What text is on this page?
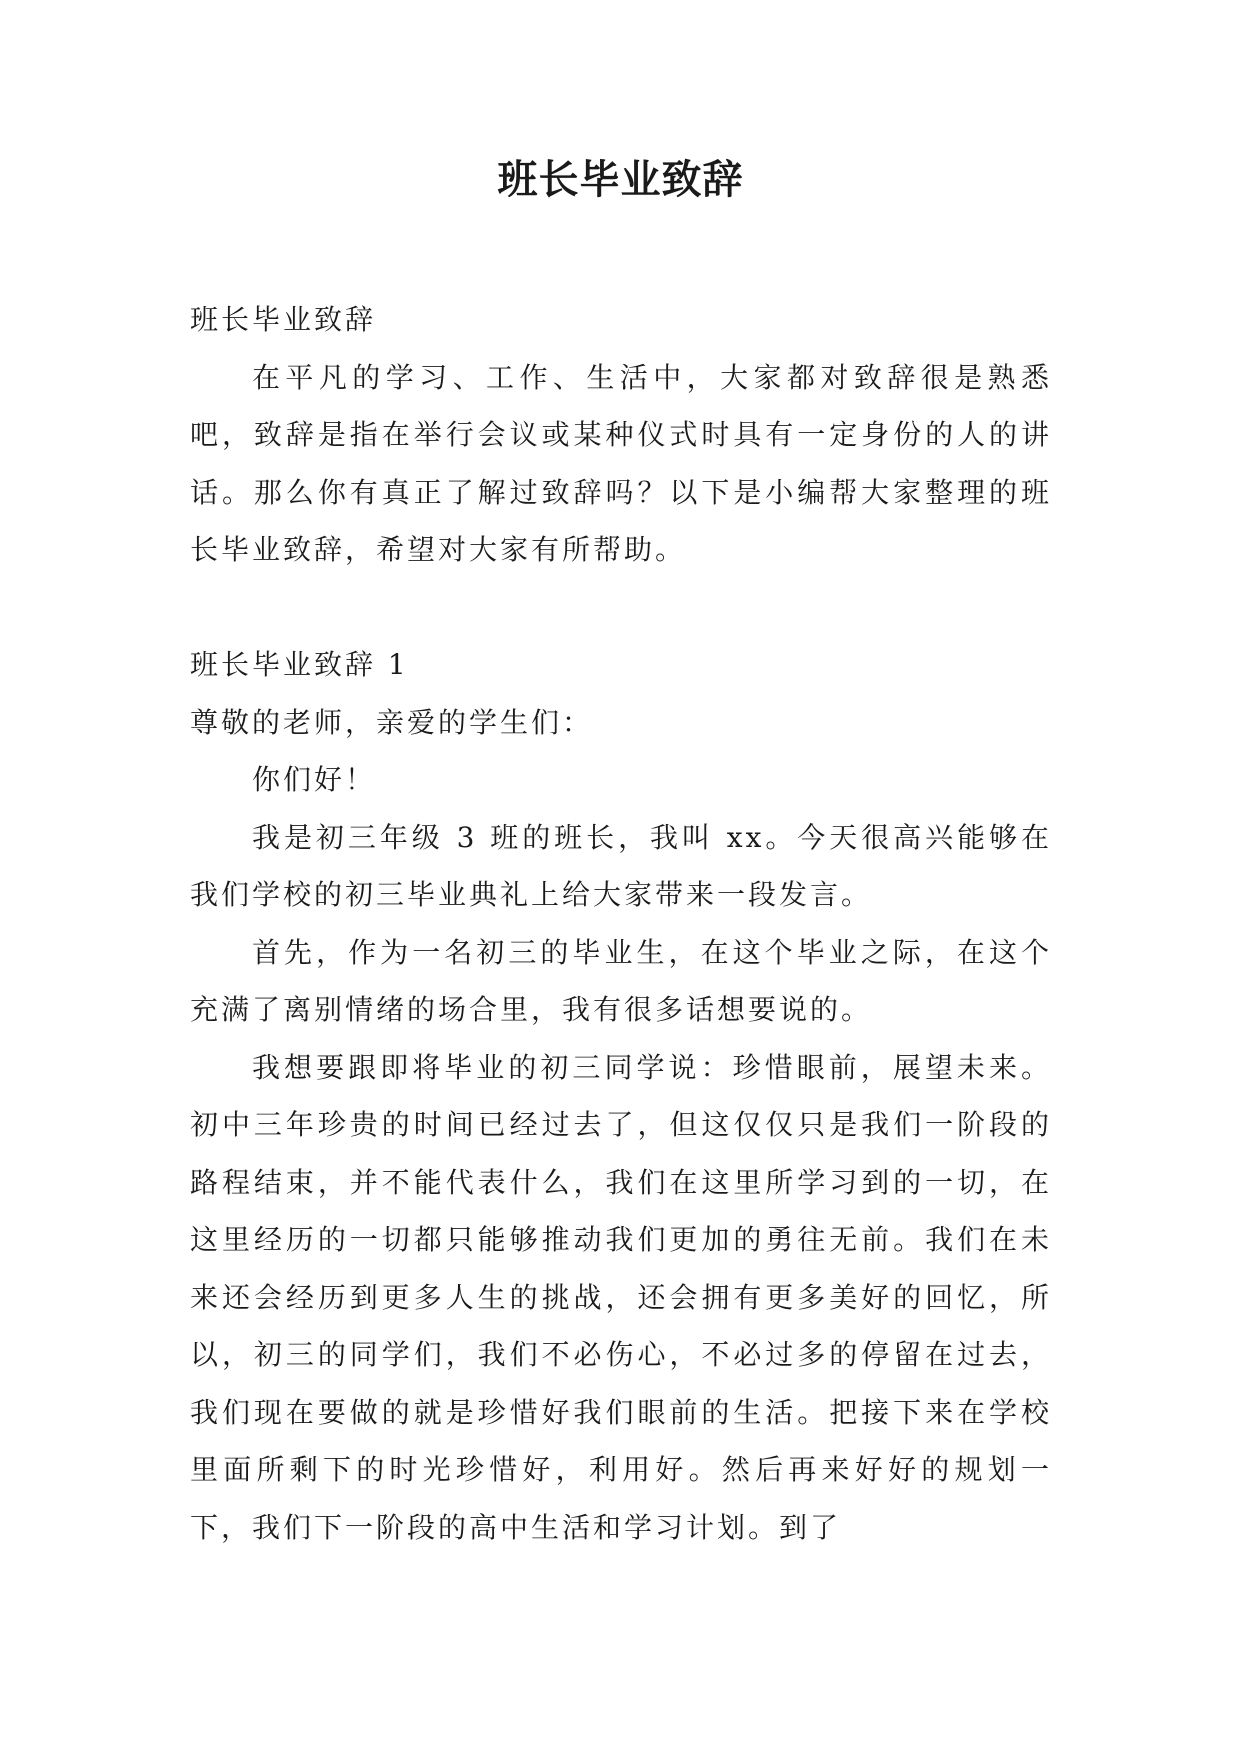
班长毕业致辞

班长毕业致辞

在平凡的学习、工作、生活中，大家都对致辞很是熟悉吧，致辞是指在举行会议或某种仪式时具有一定身份的人的讲话。那么你有真正了解过致辞吗？以下是小编帮大家整理的班长毕业致辞，希望对大家有所帮助。

班长毕业致辞 1

尊敬的老师，亲爱的学生们：

你们好！

我是初三年级 3 班的班长，我叫 xx。今天很高兴能够在我们学校的初三毕业典礼上给大家带来一段发言。

首先，作为一名初三的毕业生，在这个毕业之际，在这个充满了离别情绪的场合里，我有很多话想要说的。

我想要跟即将毕业的初三同学说：珍惜眼前，展望未来。初中三年珍贵的时间已经过去了，但这仅仅只是我们一阶段的路程结束，并不能代表什么，我们在这里所学习到的一切，在这里经历的一切都只能够推动我们更加的勇往无前。我们在未来还会经历到更多人生的挑战，还会拥有更多美好的回忆，所以，初三的同学们，我们不必伤心，不必过多的停留在过去，我们现在要做的就是珍惜好我们眼前的生活。把接下来在学校里面所剩下的时光珍惜好，利用好。然后再来好好的规划一下，我们下一阶段的高中生活和学习计划。到了
